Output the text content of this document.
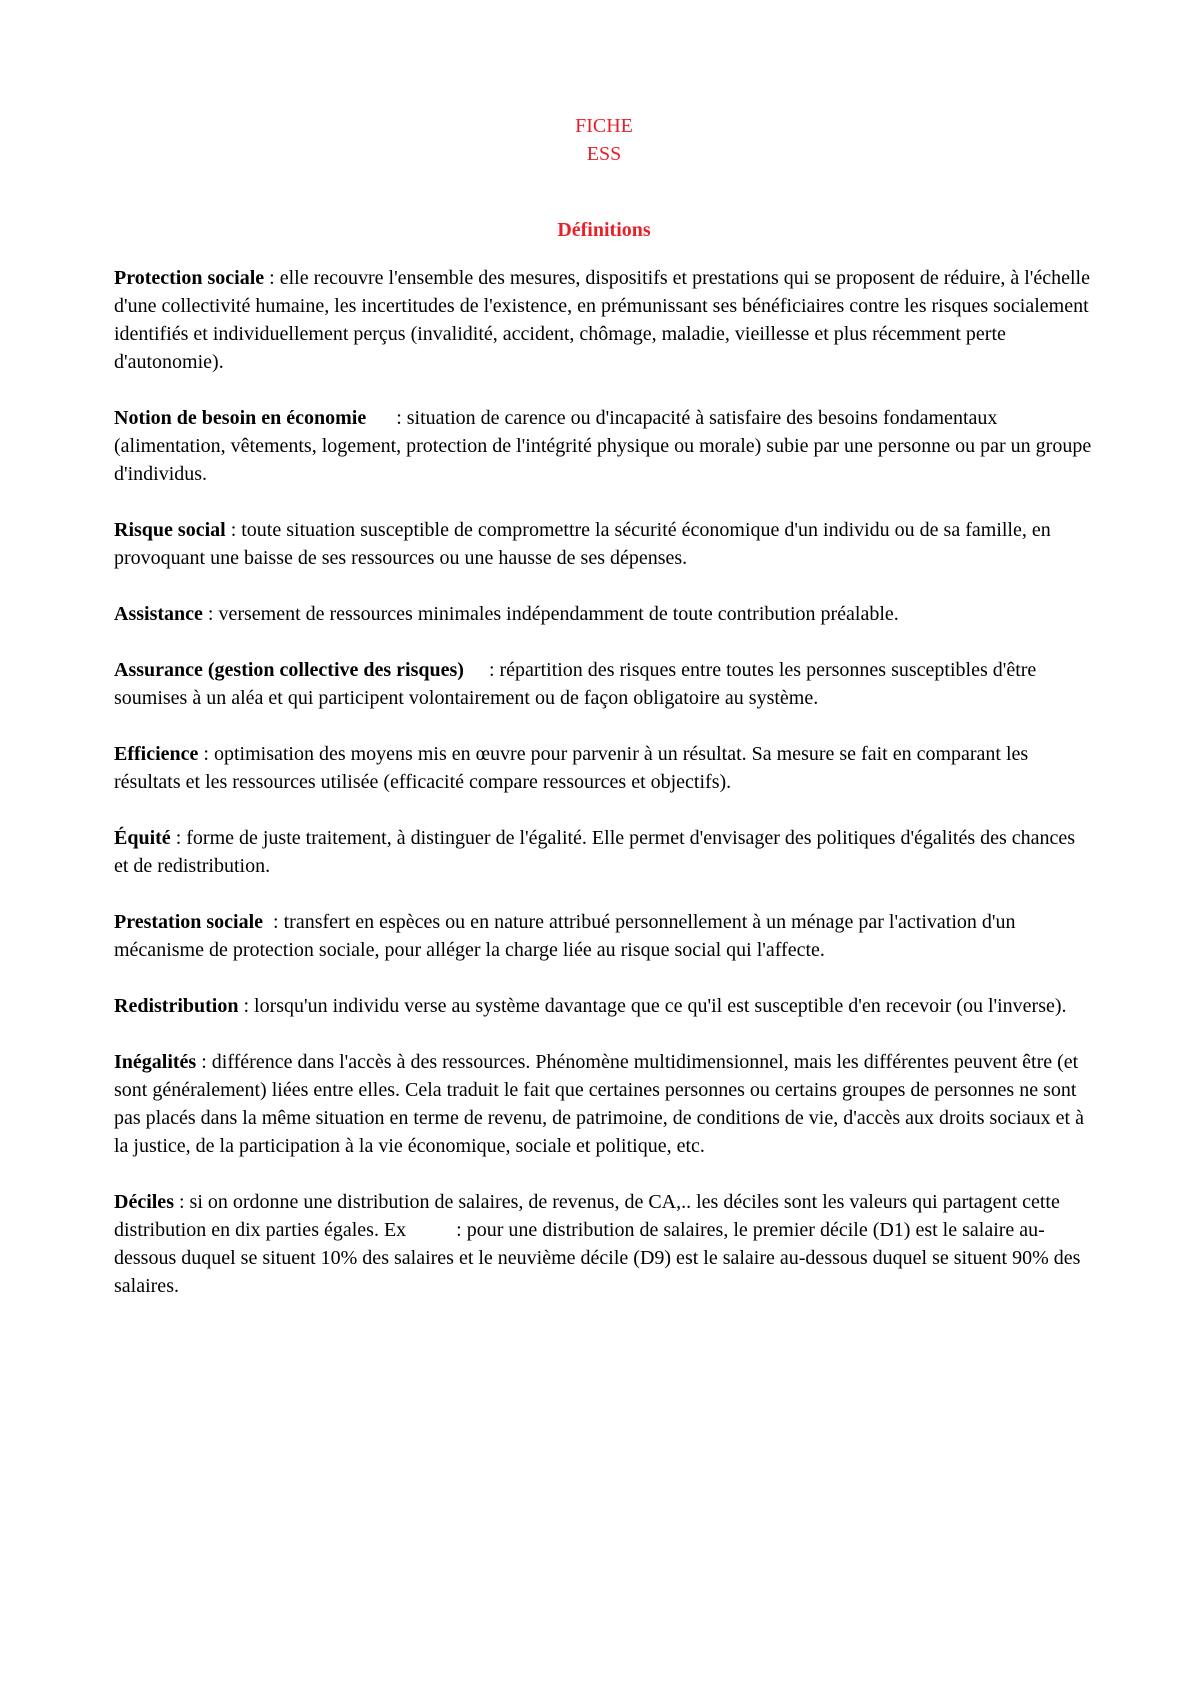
FICHE
ESS
Définitions

Protection sociale : elle recouvre l'ensemble des mesures, dispositifs et prestations qui se proposent de réduire, à l'échelle d'une collectivité humaine, les incertitudes de l'existence, en prémunissant ses bénéficiaires contre les risques socialement identifiés et individuellement perçus (invalidité, accident, chômage, maladie, vieillesse et plus récemment perte d'autonomie).

Notion de besoin en économie      : situation de carence ou d'incapacité à satisfaire des besoins fondamentaux (alimentation, vêtements, logement, protection de l'intégrité physique ou morale) subie par une personne ou par un groupe d'individus.

Risque social : toute situation susceptible de compromettre la sécurité économique d'un individu ou de sa famille, en provoquant une baisse de ses ressources ou une hausse de ses dépenses.

Assistance : versement de ressources minimales indépendamment de toute contribution préalable.

Assurance (gestion collective des risques)     : répartition des risques entre toutes les personnes susceptibles d'être soumises à un aléa et qui participent volontairement ou de façon obligatoire au système.

Efficience : optimisation des moyens mis en œuvre pour parvenir à un résultat. Sa mesure se fait en comparant les résultats et les ressources utilisée (efficacité compare ressources et objectifs).

Équité : forme de juste traitement, à distinguer de l'égalité. Elle permet d'envisager des politiques d'égalités des chances et de redistribution.

Prestation sociale  : transfert en espèces ou en nature attribué personnellement à un ménage par l'activation d'un mécanisme de protection sociale, pour alléger la charge liée au risque social qui l'affecte.

Redistribution : lorsqu'un individu verse au système davantage que ce qu'il est susceptible d'en recevoir (ou l'inverse).

Inégalités : différence dans l'accès à des ressources. Phénomène multidimensionnel, mais les différentes peuvent être (et sont généralement) liées entre elles. Cela traduit le fait que certaines personnes ou certains groupes de personnes ne sont pas placés dans la même situation en terme de revenu, de patrimoine, de conditions de vie, d'accès aux droits sociaux et à la justice, de la participation à la vie économique, sociale et politique, etc.

Déciles : si on ordonne une distribution de salaires, de revenus, de CA,.. les déciles sont les valeurs qui partagent cette distribution en dix parties égales. Ex          : pour une distribution de salaires, le premier décile (D1) est le salaire au-dessous duquel se situent 10% des salaires et le neuvième décile (D9) est le salaire au-dessous duquel se situent 90% des salaires.
